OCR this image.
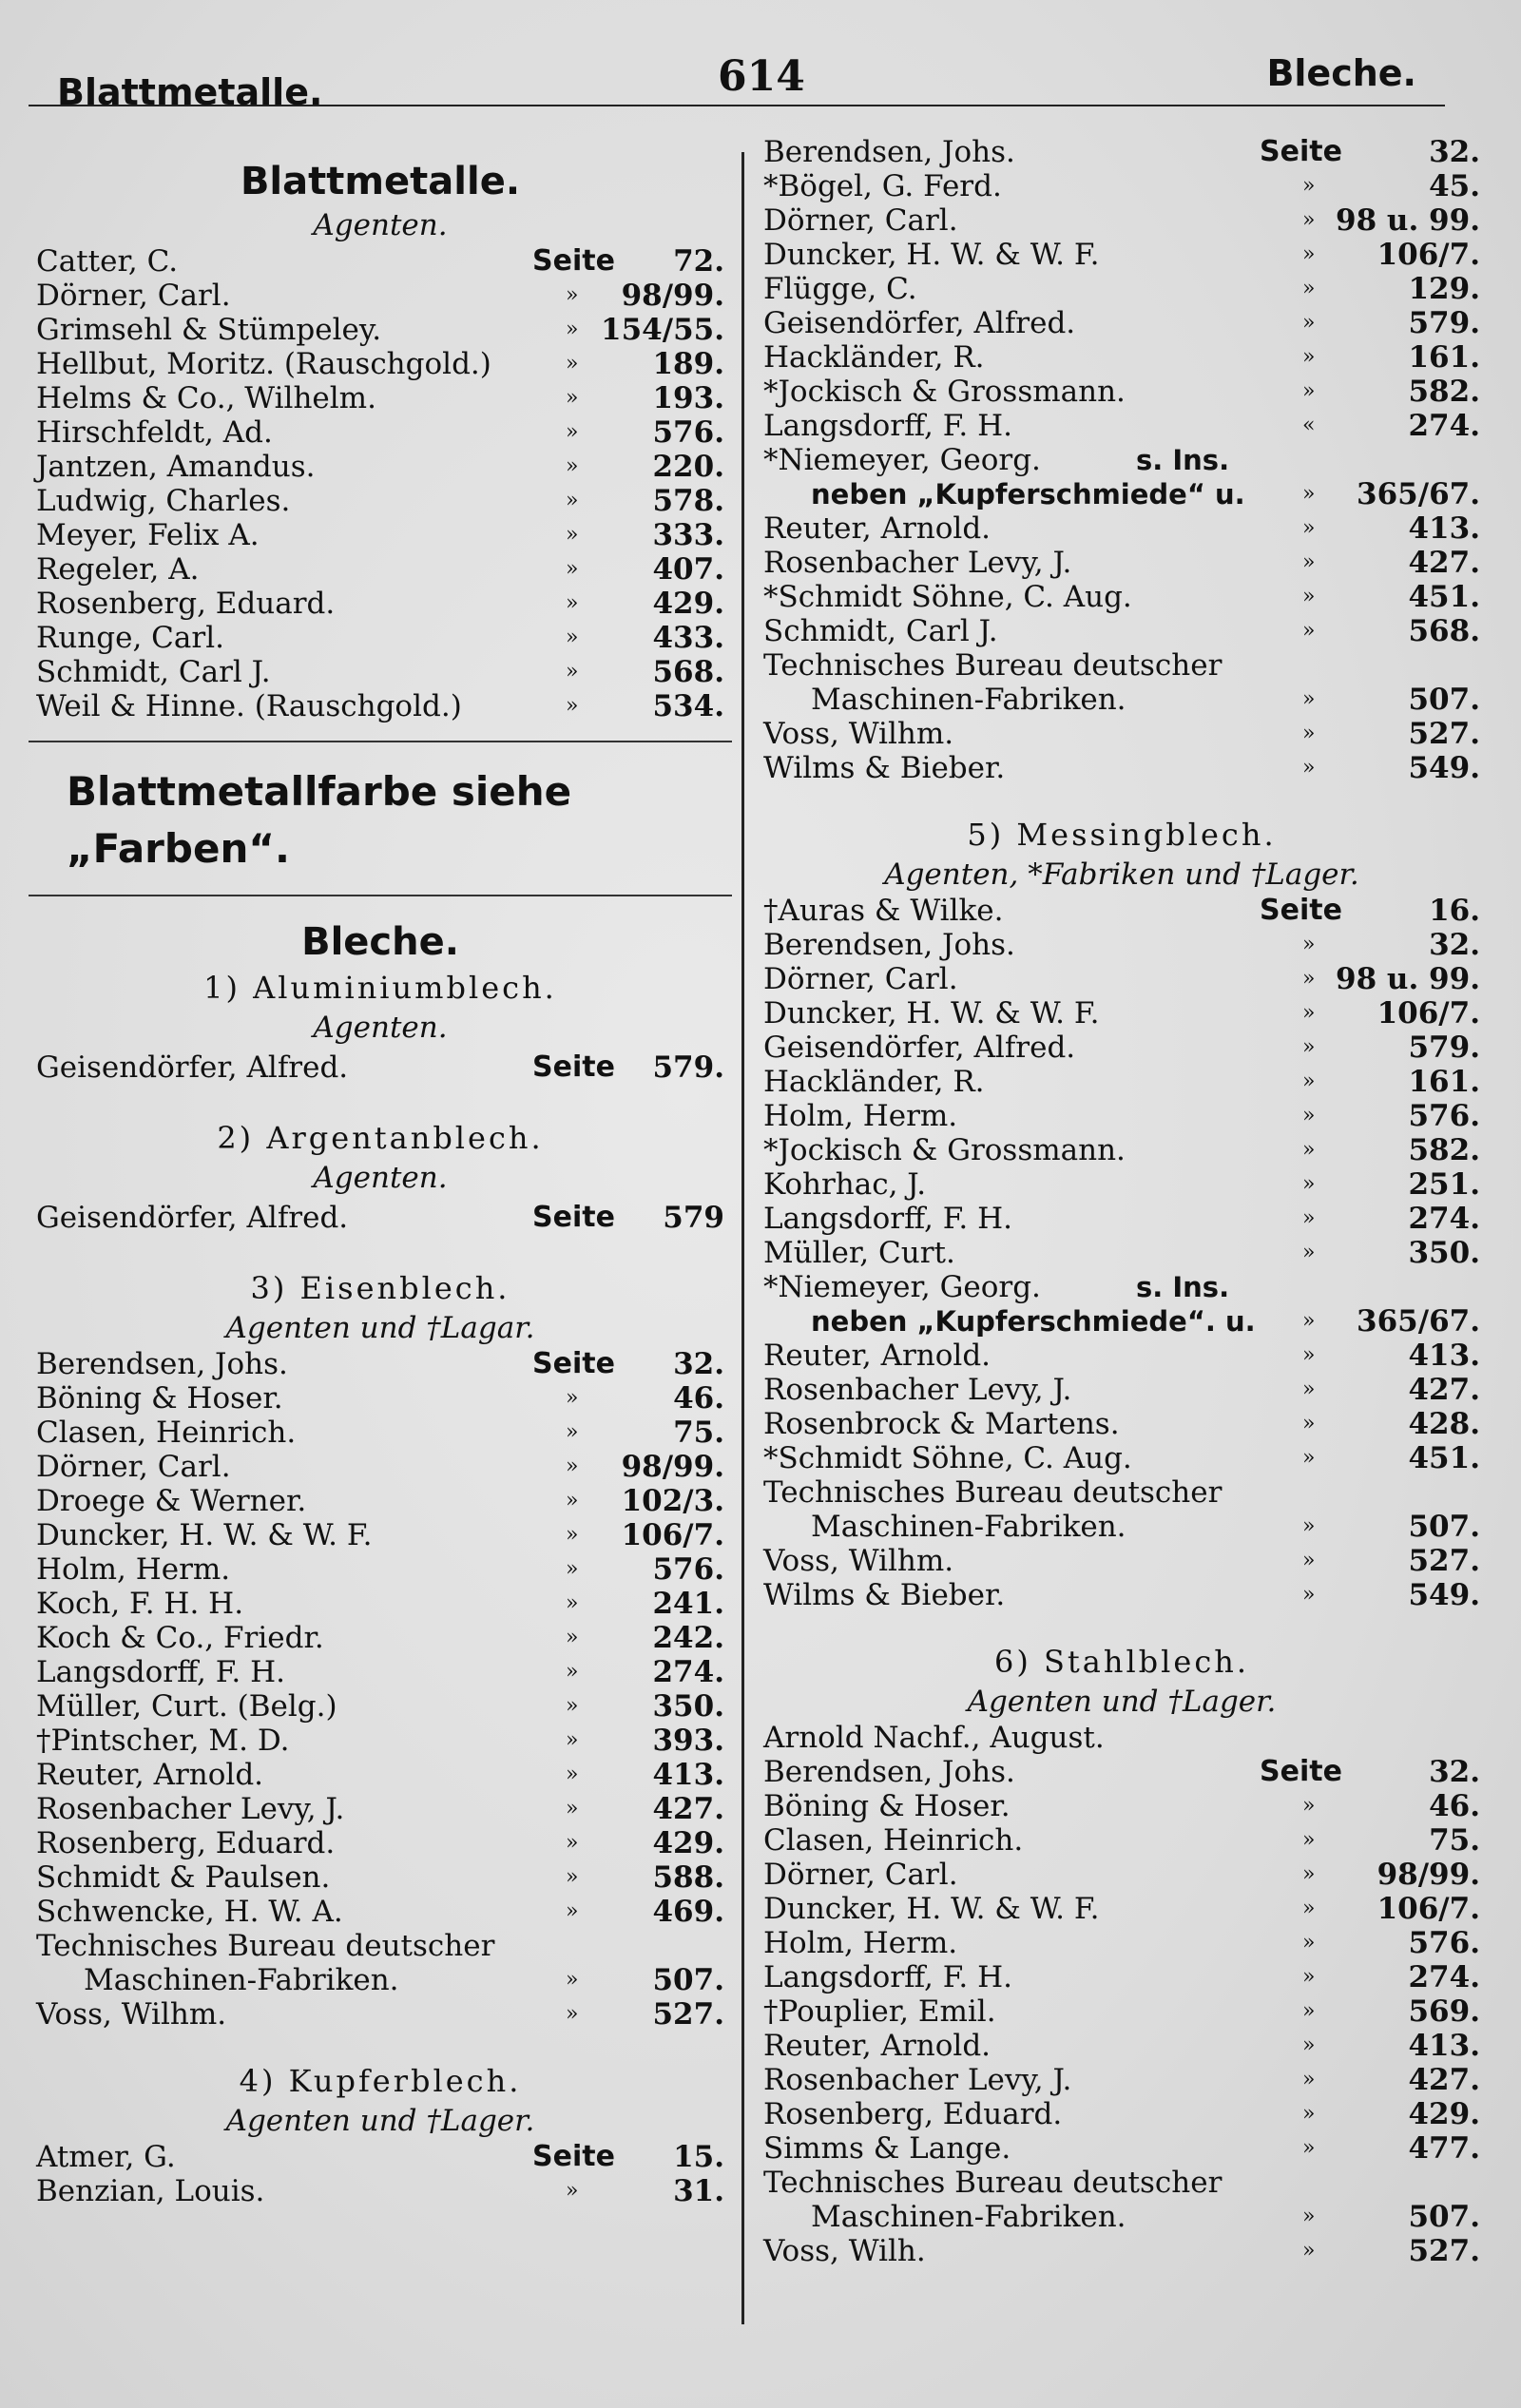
Blattmetalle.	614	Bleche.
Blattmetalle.
Agenten.
Catter, C.	Seite 72.
Dörner, Carl.	» 98/99.
Grimsehl & Stümpeley.	» 154/55.
Hellbut, Moritz. (Rauschgold.)	»	189.
Helms & Co., Wilhelm.	»	193.
Hirschfeldt, Ad.	»	576.
Jantzen, Amandus.	»	220.
Ludwig, Charles.	»	578.
Meyer, Felix A.	»	333.
Regeler, A.	»	407.
Rosenberg, Eduard.	»	429.
Runge, Carl.	»	433.
Schmidt, Carl J.	»	568.
Weil & Hinne. (Rauschgold.)	»	534.
Blattmetallfarbe siehe „Farben“.
Bleche.
1) Aluminiumblech.
Agenten.
Geisendörfer, Alfred.	Seite 579.
2) Argentanblech.
Agenten.
Geisendörfer, Alfred.	Seite 579
3) Eisenblech.
Agenten und †Lagar.
Berendsen, Johs.	Seite 32.
Böning & Hoser.	»	46.
Clasen, Heinrich.	»	75.
Dörner, Carl.	» 98/99.
Droege & Werner.	» 102/3.
Duncker, H. W. & W. F.	» 106/7.
Holm, Herm.	»	576.
Koch, F. H. H.	»	241.
Koch & Co., Friedr.	»	242.
Langsdorff, F. H.	»	274.
Müller, Curt. (Belg.)	»	350.
†Pintscher, M. D.	»	393.
Reuter, Arnold.	»	413.
Rosenbacher Levy, J.	»	427.
Rosenberg, Eduard.	»	429.
Schmidt & Paulsen.	»	588.
Schwencke, H. W. A.	»	469.
Technisches Bureau deutscher
Maschinen-Fabriken.	»	507.
Voss, Wilhm.	»	527.
4) Kupferblech.
Agenten und †Lager.
Atmer, G.	Seite 15.
Benzian, Louis.	»	31.
Berendsen, Johs.	Seite	32.
*Bögel, G. Ferd.	»	45.
Dörner, Carl.	» 98 u. 99.
Duncker, H. W. & W. F.	» 106/7.
Flügge, C.	»	129.
Geisendörfer, Alfred.	»	579.
Hackländer, R.	»	161.
*Jockisch & Grossmann.	»	582.
Langsdorff, F. H.	«	274.
*Niemeyer, Georg.	s. Ins.
neben „Kupferschmiede“ u.	» 365/67.
Reuter, Arnold.	»	413.
Rosenbacher Levy, J.	»	427.
*Schmidt Söhne, C. Aug.	»	451.
Schmidt, Carl J.	»	568.
Technisches Bureau deutscher
Maschinen-Fabriken.	»	507.
Voss, Wilhm.	»	527.
Wilms & Bieber.	»	549.
5) Messingblech.
Agenten, *Fabriken und †Lager.
†Auras & Wilke.	Seite	16.
Berendsen, Johs.	»	32.
Dörner, Carl.	» 98 u. 99.
Duncker, H. W. & W. F.	» 106/7.
Geisendörfer, Alfred.	»	579.
Hackländer, R.	»	161.
Holm, Herm.	»	576.
*Jockisch & Grossmann.	»	582.
Kohrhac, J.	»	251.
Langsdorff, F. H.	»	274.
Müller, Curt.	»	350.
*Niemeyer, Georg.	s. Ins.
neben „Kupferschmiede“. u. » 365/67.
Reuter, Arnold.	»	413.
Rosenbacher Levy, J.	»	427.
Rosenbrock & Martens.	»	428.
*Schmidt Söhne, C. Aug.	»	451.
Technisches Bureau deutscher
Maschinen-Fabriken.	»	507.
Voss, Wilhm.	»	527.
Wilms & Bieber.	»	549.
6) Stahlblech.
Agenten und †Lager.
Arnold Nachf., August.
Berendsen, Johs.	Seite	32.
Böning & Hoser.	»	46.
Clasen, Heinrich.	»	75.
Dörner, Carl.	» 98/99.
Duncker, H. W. & W. F.	» 106/7.
Holm, Herm.	»	576.
Langsdorff, F. H.	»	274.
†Pouplier, Emil.	»	569.
Reuter, Arnold.	»	413.
Rosenbacher Levy, J.	»	427.
Rosenberg, Eduard.	»	429.
Simms & Lange.	»	477.
Technisches Bureau deutscher
Maschinen-Fabriken.	»	507.
Voss, Wilh.	»	527.
